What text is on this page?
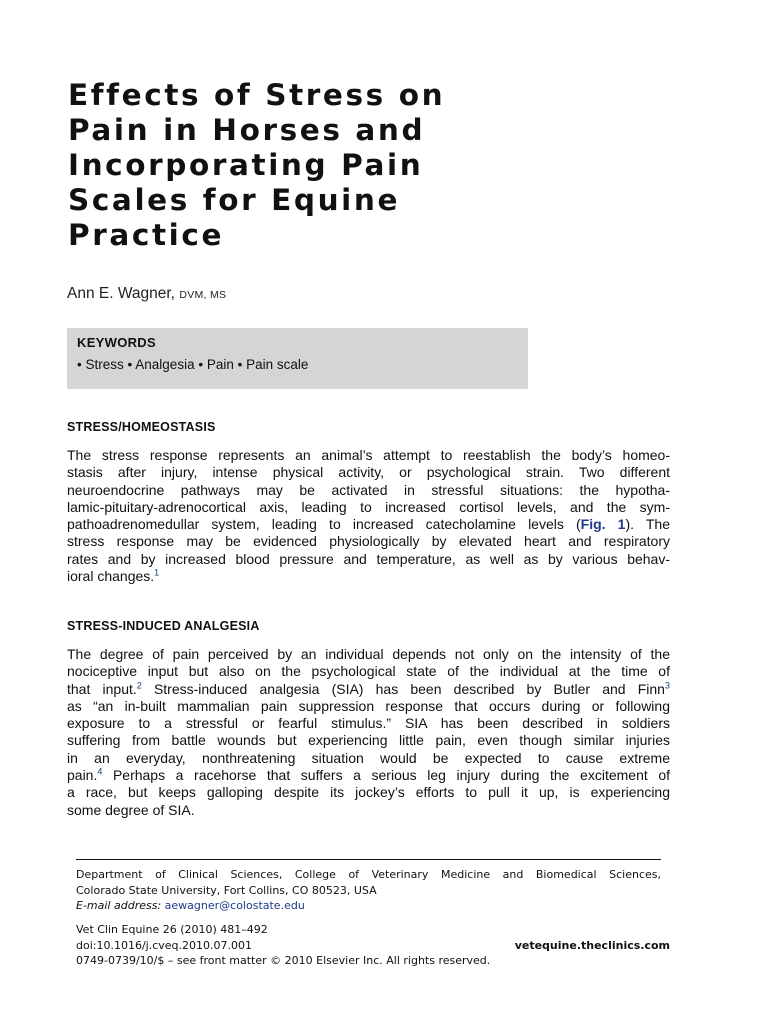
Effects of Stress on
Pain in Horses and
Incorporating Pain
Scales for Equine
Practice
Ann E. Wagner, DVM, MS
KEYWORDS
• Stress • Analgesia • Pain • Pain scale
STRESS/HOMEOSTASIS
The stress response represents an animal’s attempt to reestablish the body’s homeo-
stasis after injury, intense physical activity, or psychological strain. Two different
neuroendocrine pathways may be activated in stressful situations: the hypotha-
lamic-pituitary-adrenocortical axis, leading to increased cortisol levels, and the sym-
pathoadrenomedullar system, leading to increased catecholamine levels (Fig. 1). The
stress response may be evidenced physiologically by elevated heart and respiratory
rates and by increased blood pressure and temperature, as well as by various behav-
ioral changes.$^1$
STRESS-INDUCED ANALGESIA
The degree of pain perceived by an individual depends not only on the intensity of the
nociceptive input but also on the psychological state of the individual at the time of
that input.$^2$ Stress-induced analgesia (SIA) has been described by Butler and Finn$^3$
as “an in-built mammalian pain suppression response that occurs during or following
exposure to a stressful or fearful stimulus.” SIA has been described in soldiers
suffering from battle wounds but experiencing little pain, even though similar injuries
in an everyday, nonthreatening situation would be expected to cause extreme
pain.$^4$ Perhaps a racehorse that suffers a serious leg injury during the excitement of
a race, but keeps galloping despite its jockey’s efforts to pull it up, is experiencing
some degree of SIA.
Department of Clinical Sciences, College of Veterinary Medicine and Biomedical Sciences,
Colorado State University, Fort Collins, CO 80523, USA
E-mail address: aewagner@colostate.edu
Vet Clin Equine 26 (2010) 481–492
doi:10.1016/j.cveq.2010.07.001	vetequine.theclinics.com
0749-0739/10/$ – see front matter © 2010 Elsevier Inc. All rights reserved.
